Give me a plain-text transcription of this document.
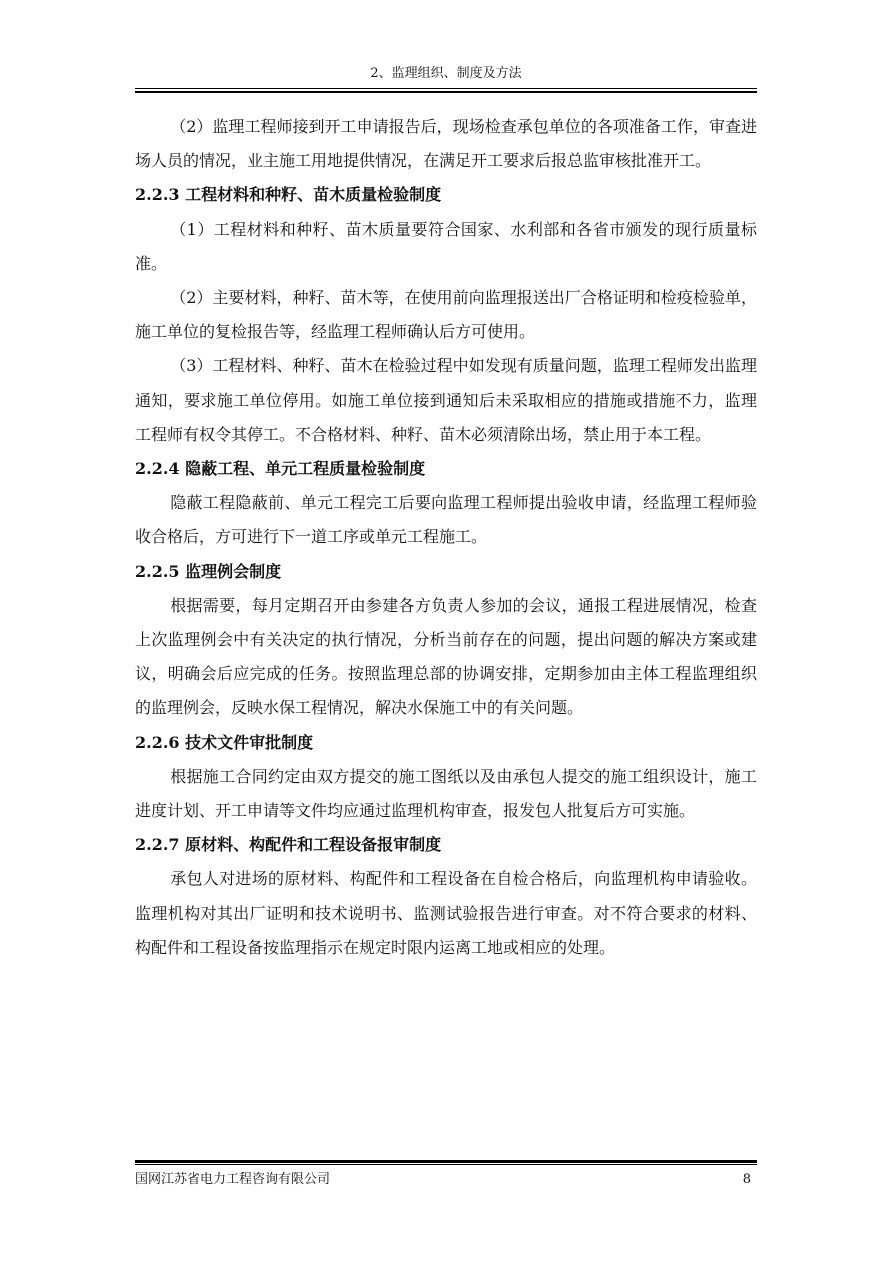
2、监理组织、制度及方法

（2）监理工程师接到开工申请报告后，现场检查承包单位的各项准备工作，审查进场人员的情况，业主施工用地提供情况，在满足开工要求后报总监审核批准开工。

2.2.3 工程材料和种籽、苗木质量检验制度

（1）工程材料和种籽、苗木质量要符合国家、水利部和各省市颁发的现行质量标准。

（2）主要材料，种籽、苗木等，在使用前向监理报送出厂合格证明和检疫检验单，施工单位的复检报告等，经监理工程师确认后方可使用。

（3）工程材料、种籽、苗木在检验过程中如发现有质量问题，监理工程师发出监理通知，要求施工单位停用。如施工单位接到通知后未采取相应的措施或措施不力，监理工程师有权令其停工。不合格材料、种籽、苗木必须清除出场，禁止用于本工程。

2.2.4 隐蔽工程、单元工程质量检验制度

隐蔽工程隐蔽前、单元工程完工后要向监理工程师提出验收申请，经监理工程师验收合格后，方可进行下一道工序或单元工程施工。

2.2.5 监理例会制度

根据需要，每月定期召开由参建各方负责人参加的会议，通报工程进展情况，检查上次监理例会中有关决定的执行情况，分析当前存在的问题，提出问题的解决方案或建议，明确会后应完成的任务。按照监理总部的协调安排，定期参加由主体工程监理组织的监理例会，反映水保工程情况，解决水保施工中的有关问题。

2.2.6 技术文件审批制度

根据施工合同约定由双方提交的施工图纸以及由承包人提交的施工组织设计，施工进度计划、开工申请等文件均应通过监理机构审查，报发包人批复后方可实施。

2.2.7 原材料、构配件和工程设备报审制度

承包人对进场的原材料、构配件和工程设备在自检合格后，向监理机构申请验收。监理机构对其出厂证明和技术说明书、监测试验报告进行审查。对不符合要求的材料、构配件和工程设备按监理指示在规定时限内运离工地或相应的处理。

国网江苏省电力工程咨询有限公司	8
